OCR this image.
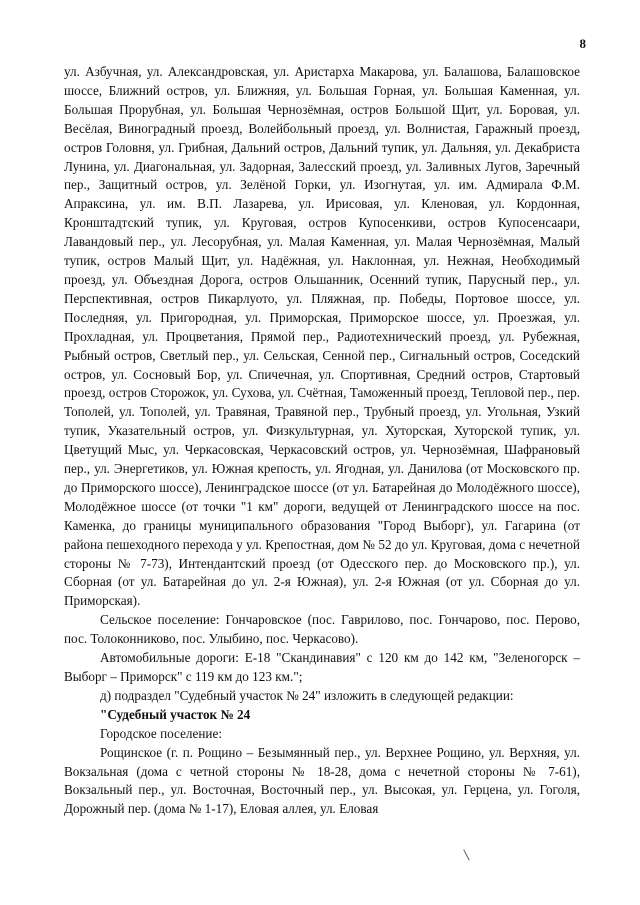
8

ул. Азбучная, ул. Александровская, ул. Аристарха Макарова, ул. Балашова, Балашовское шоссе, Ближний остров, ул. Ближняя, ул. Большая Горная, ул. Большая Каменная, ул. Большая Прорубная, ул. Большая Чернозёмная, остров Большой Щит, ул. Боровая, ул. Весёлая, Виноградный проезд, Волейбольный проезд, ул. Волнистая, Гаражный проезд, остров Головня, ул. Грибная, Дальний остров, Дальний тупик, ул. Дальняя, ул. Декабриста Лунина, ул. Диагональная, ул. Задорная, Залесский проезд, ул. Заливных Лугов, Заречный пер., Защитный остров, ул. Зелёной Горки, ул. Изогнутая, ул. им. Адмирала Ф.М. Апраксина, ул. им. В.П. Лазарева, ул. Ирисовая, ул. Кленовая, ул. Кордонная, Кронштадтский тупик, ул. Круговая, остров Купосенкиви, остров Купосенсаари, Лавандовый пер., ул. Лесорубная, ул. Малая Каменная, ул. Малая Чернозёмная, Малый тупик, остров Малый Щит, ул. Надёжная, ул. Наклонная, ул. Нежная, Необходимый проезд, ул. Объездная Дорога, остров Ольшанник, Осенний тупик, Парусный пер., ул. Перспективная, остров Пикарлуото, ул. Пляжная, пр. Победы, Портовое шоссе, ул. Последняя, ул. Пригородная, ул. Приморская, Приморское шоссе, ул. Проезжая, ул. Прохладная, ул. Процветания, Прямой пер., Радиотехнический проезд, ул. Рубежная, Рыбный остров, Светлый пер., ул. Сельская, Сенной пер., Сигнальный остров, Соседский остров, ул. Сосновый Бор, ул. Спичечная, ул. Спортивная, Средний остров, Стартовый проезд, остров Сторожок, ул. Сухова, ул. Счётная, Таможенный проезд, Тепловой пер., пер. Тополей, ул. Тополей, ул. Травяная, Травяной пер., Трубный проезд, ул. Угольная, Узкий тупик, Указательный остров, ул. Физкультурная, ул. Хуторская, Хуторской тупик, ул. Цветущий Мыс, ул. Черкасовская, Черкасовский остров, ул. Чернозёмная, Шафрановый пер., ул. Энергетиков, ул. Южная крепость, ул. Ягодная, ул. Данилова (от Московского пр. до Приморского шоссе), Ленинградское шоссе (от ул. Батарейная до Молодёжного шоссе), Молодёжное шоссе (от точки "1 км" дороги, ведущей от Ленинградского шоссе на пос. Каменка, до границы муниципального образования "Город Выборг), ул. Гагарина (от района пешеходного перехода у ул. Крепостная, дом № 52 до ул. Круговая, дома с нечетной стороны № 7-73), Интендантский проезд (от Одесского пер. до Московского пр.), ул. Сборная (от ул. Батарейная до ул. 2-я Южная), ул. 2-я Южная (от ул. Сборная до ул. Приморская).

Сельское поселение: Гончаровское (пос. Гаврилово, пос. Гончарово, пос. Перово, пос. Толоконниково, пос. Улыбино, пос. Черкасово).

Автомобильные дороги: Е-18 "Скандинавия" с 120 км до 142 км, "Зеленогорск – Выборг – Приморск" с 119 км до 123 км.";

д) подраздел "Судебный участок № 24" изложить в следующей редакции:

"Судебный участок № 24

Городское поселение:

Рощинское (г. п. Рощино – Безымянный пер., ул. Верхнее Рощино, ул. Верхняя, ул. Вокзальная (дома с четной стороны № 18-28, дома с нечетной стороны № 7-61), Вокзальный пер., ул. Восточная, Восточный пер., ул. Высокая, ул. Герцена, ул. Гоголя, Дорожный пер. (дома № 1-17), Еловая аллея, ул. Еловая
